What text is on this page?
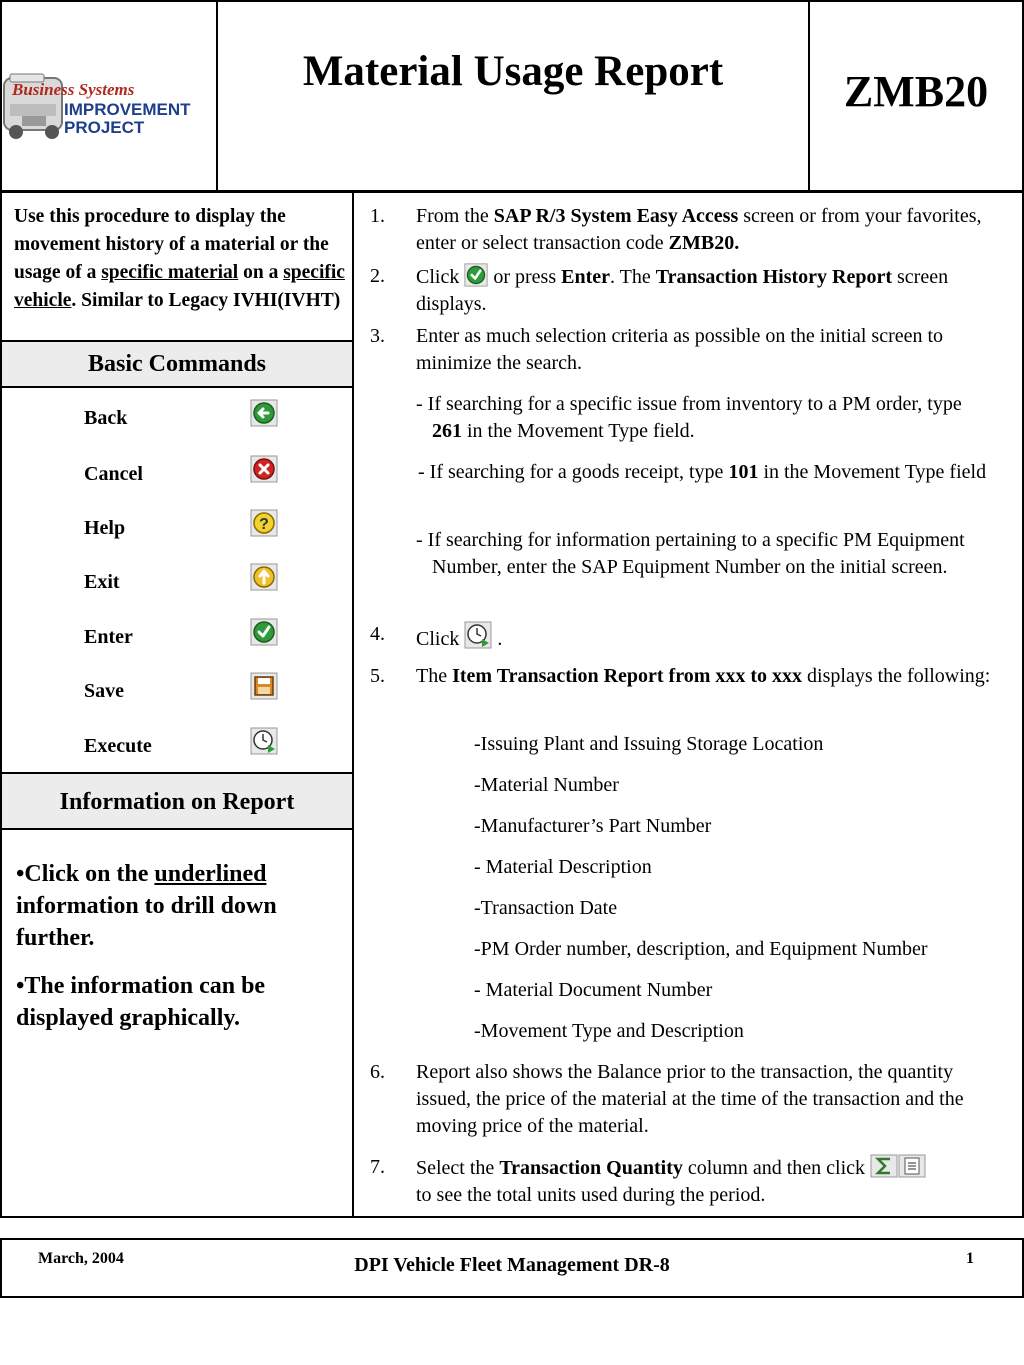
Business Systems
IMPROVEMENT
PROJECT
Material Usage Report	ZMB20
Use this procedure to display the movement history of a material or the usage of a specific material on a specific vehicle. Similar to Legacy IVHI(IVHT)
Basic Commands
Back
Cancel
Help	?
Exit
Enter
Save
Execute
Information on Report

•Click on the underlined information to drill down further.

•The information can be displayed graphically.

1. From the SAP R/3 System Easy Access screen or from your favorites, enter or select transaction code ZMB20.
2. Click  or press Enter. The Transaction History Report screen displays.
3. Enter as much selection criteria as possible on the initial screen to minimize the search.
- If searching for a specific issue from inventory to a PM order, type 261 in the Movement Type field.
- If searching for a goods receipt, type 101 in the Movement Type field
- If searching for information pertaining to a specific PM Equipment Number, enter the SAP Equipment Number on the initial screen.
4. Click  .
5. The Item Transaction Report from xxx to xxx displays the following:
-Issuing Plant and Issuing Storage Location
-Material Number
-Manufacturer’s Part Number
- Material Description
-Transaction Date
-PM Order number, description, and Equipment Number
- Material Document Number
-Movement Type and Description
6. Report also shows the Balance prior to the transaction, the quantity issued, the price of the material at the time of the transaction and the moving price of the material.
7. Select the Transaction Quantity column and then click
to see the total units used during the period.
March, 2004	DPI Vehicle Fleet Management DR-8	1
